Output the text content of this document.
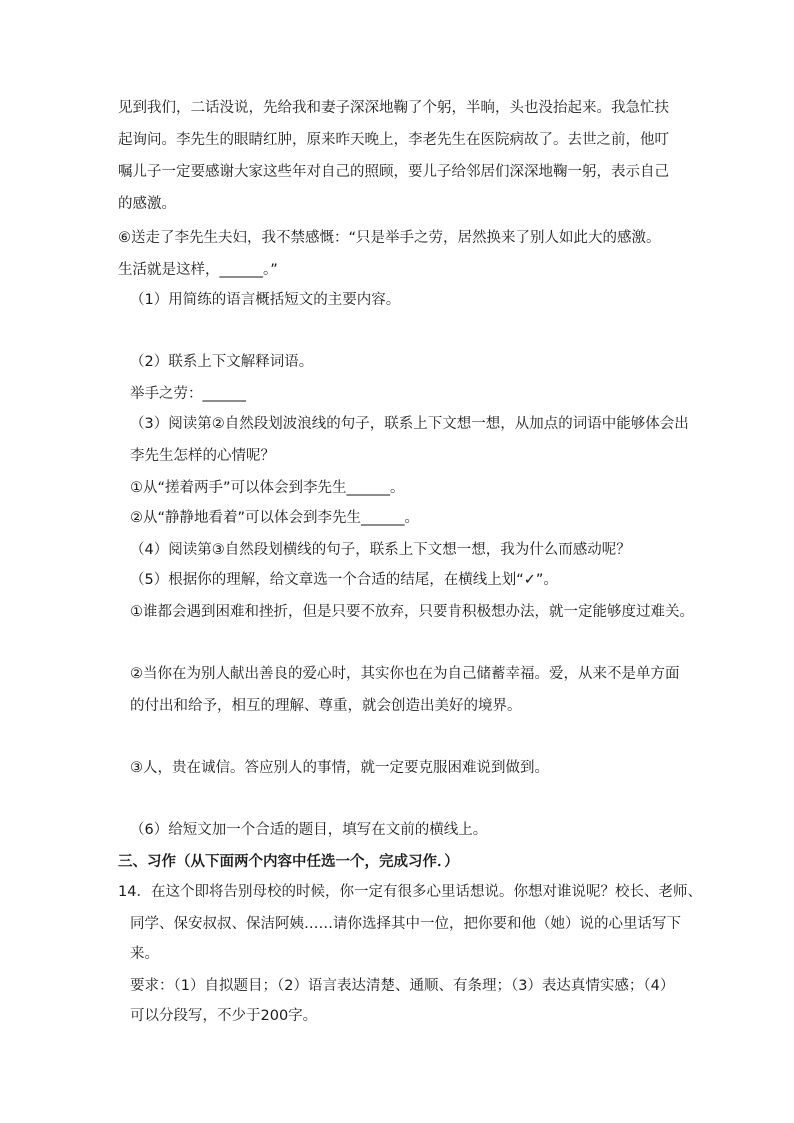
见到我们，二话没说，先给我和妻子深深地鞠了个躬，半晌，头也没抬起来。我急忙扶
起询问。李先生的眼睛红肿，原来昨天晚上，李老先生在医院病故了。去世之前，他叮
嘱儿子一定要感谢大家这些年对自己的照顾，要儿子给邻居们深深地鞠一躬，表示自己
的感激。
⑥送走了李先生夫妇，我不禁感慨：“只是举手之劳，居然换来了别人如此大的感激。
生活就是这样，______。”
（1）用简练的语言概括短文的主要内容。
（2）联系上下文解释词语。
举手之劳：______
（3）阅读第②自然段划波浪线的句子，联系上下文想一想，从加点的词语中能够体会出
李先生怎样的心情呢？
①从“搓着两手”可以体会到李先生______。
②从“静静地看着”可以体会到李先生______。
（4）阅读第③自然段划横线的句子，联系上下文想一想，我为什么而感动呢？
（5）根据你的理解，给文章选一个合适的结尾，在横线上划“✓”。
①谁都会遇到困难和挫折，但是只要不放弃，只要肯积极想办法，就一定能够度过难关。
②当你在为别人献出善良的爱心时，其实你也在为自己储蓄幸福。爱，从来不是单方面
的付出和给予，相互的理解、尊重，就会创造出美好的境界。
③人，贵在诚信。答应别人的事情，就一定要克服困难说到做到。
（6）给短文加一个合适的题目，填写在文前的横线上。
三、习作（从下面两个内容中任选一个，完成习作．）
14．在这个即将告别母校的时候，你一定有很多心里话想说。你想对谁说呢？校长、老师、
同学、保安叔叔、保洁阿姨……请你选择其中一位，把你要和他（她）说的心里话写下
来。
要求：（1）自拟题目；（2）语言表达清楚、通顺、有条理；（3）表达真情实感；（4）
可以分段写，不少于200字。
